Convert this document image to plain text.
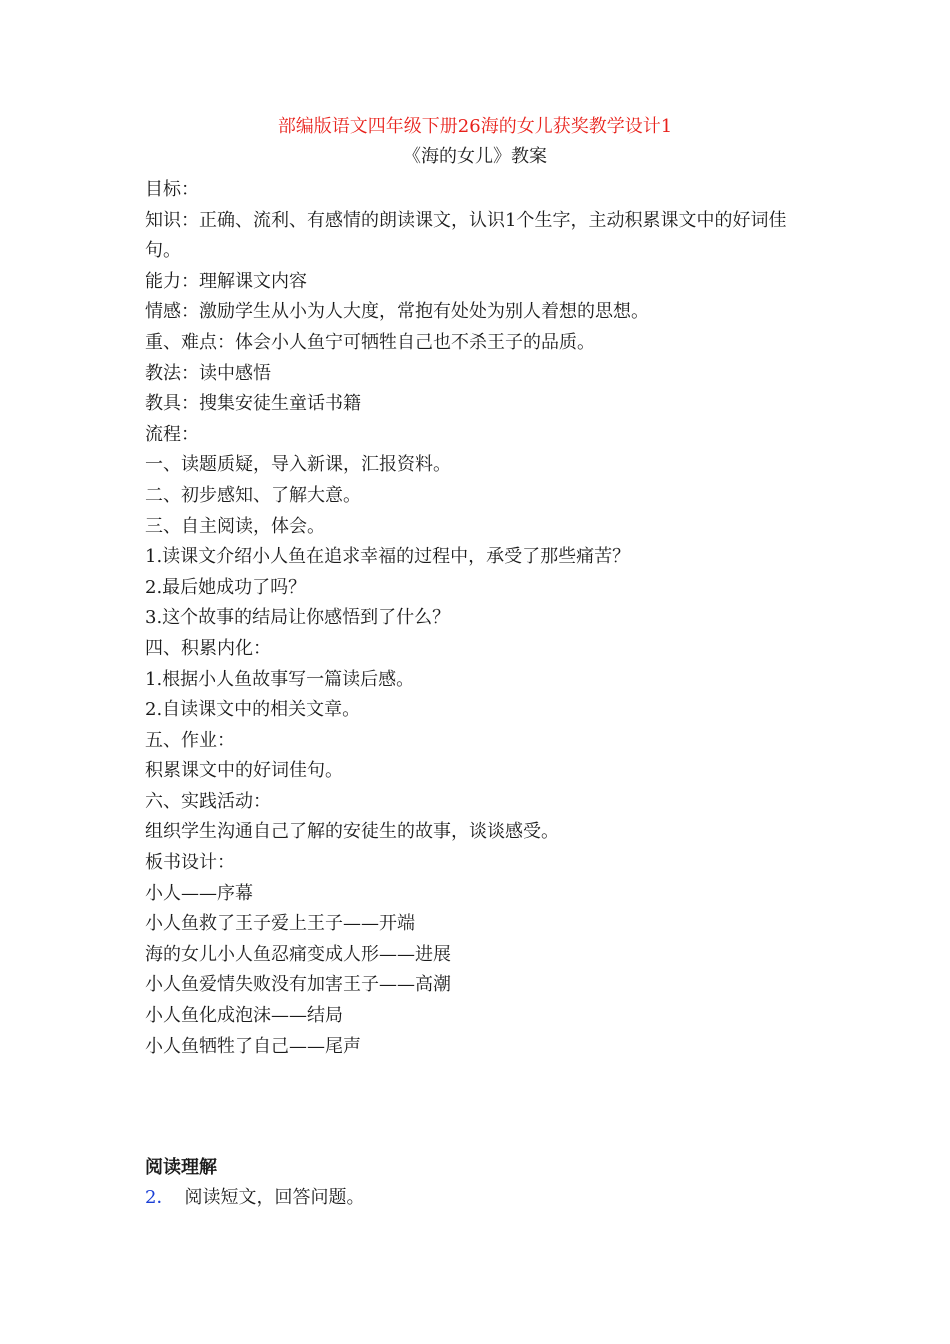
部编版语文四年级下册26海的女儿获奖教学设计1

《海的女儿》教案

目标：

知识：正确、流利、有感情的朗读课文，认识1个生字，主动积累课文中的好词佳句。

能力：理解课文内容

情感：激励学生从小为人大度，常抱有处处为别人着想的思想。

重、难点：体会小人鱼宁可牺牲自己也不杀王子的品质。

教法：读中感悟

教具：搜集安徒生童话书籍

流程：

一、读题质疑，导入新课，汇报资料。

二、初步感知、了解大意。

三、自主阅读，体会。

1.读课文介绍小人鱼在追求幸福的过程中，承受了那些痛苦？

2.最后她成功了吗？

3.这个故事的结局让你感悟到了什么？

四、积累内化：

1.根据小人鱼故事写一篇读后感。

2.自读课文中的相关文章。

五、作业：

积累课文中的好词佳句。

六、实践活动：

组织学生沟通自己了解的安徒生的故事，谈谈感受。

板书设计：

小人——序幕

小人鱼救了王子爱上王子——开端

海的女儿小人鱼忍痛变成人形——进展

小人鱼爱情失败没有加害王子——高潮

小人鱼化成泡沫——结局

小人鱼牺牲了自己——尾声

阅读理解

2． 阅读短文，回答问题。
